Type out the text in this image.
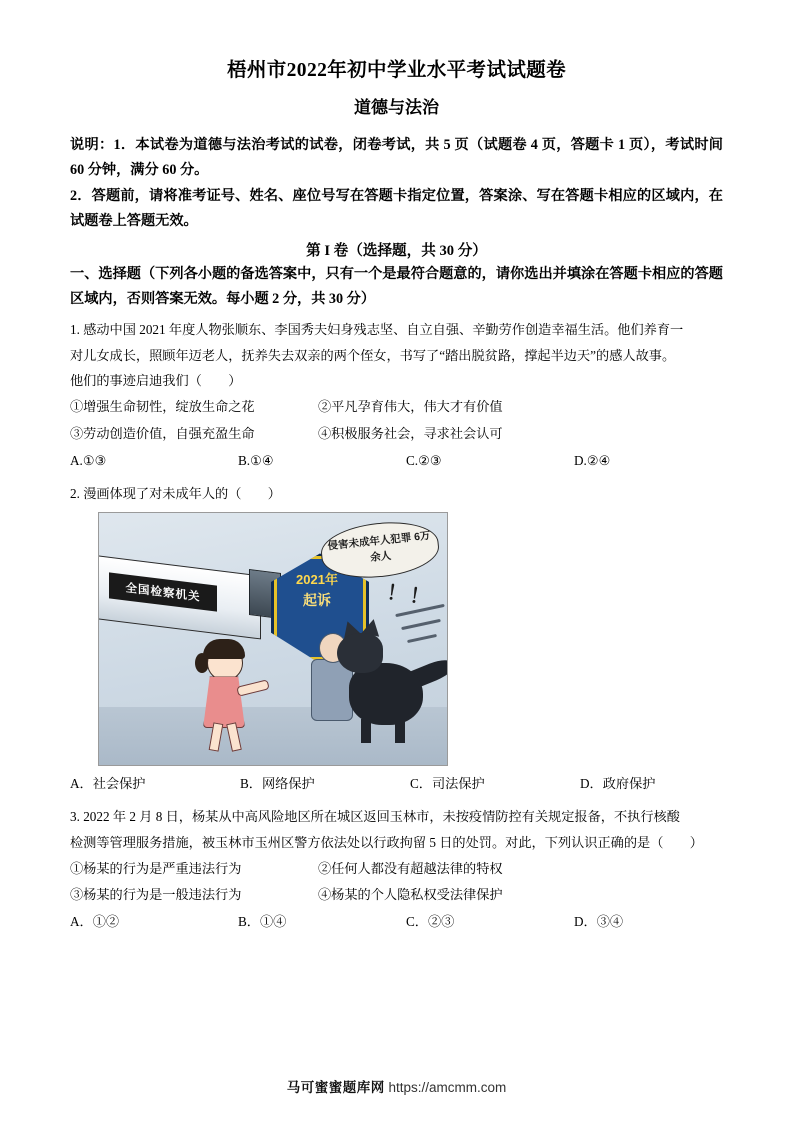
梧州市2022年初中学业水平考试试题卷
道德与法治

说明：1．本试卷为道德与法治考试的试卷，闭卷考试，共 5 页（试题卷 4 页，答题卡 1 页），考试时间 60 分钟，满分 60 分。

2．答题前，请将准考证号、姓名、座位号写在答题卡指定位置，答案涂、写在答题卡相应的区域内，在试题卷上答题无效。

第 I 卷（选择题，共 30 分）

一、选择题（下列各小题的备选答案中，只有一个是最符合题意的，请你选出并填涂在答题卡相应的答题区域内，否则答案无效。每小题 2 分，共 30 分）

1. 感动中国 2021 年度人物张顺东、李国秀夫妇身残志坚、自立自强、辛勤劳作创造幸福生活。他们养育一

对儿女成长，照顾年迈老人，抚养失去双亲的两个侄女，书写了“踏出脱贫路，撑起半边天”的感人故事。

他们的事迹启迪我们（　　）

①增强生命韧性，绽放生命之花	②平凡孕育伟大，伟大才有价值
③劳动创造价值，自强充盈生命	④积极服务社会，寻求社会认可
A.①③	B.①④	C.②③	D.②④

2. 漫画体现了对未成年人的（　　）

全国检察机关
2021年
起诉
侵害未成年人犯罪 6万余人
！！
A．社会保护	B．网络保护	C．司法保护	D．政府保护

3. 2022 年 2 月 8 日，杨某从中高风险地区所在城区返回玉林市，未按疫情防控有关规定报备，不执行核酸

检测等管理服务措施，被玉林市玉州区警方依法处以行政拘留 5 日的处罚。对此，下列认识正确的是（　　）

①杨某的行为是严重违法行为	②任何人都没有超越法律的特权
③杨某的行为是一般违法行为	④杨某的个人隐私权受法律保护
A．①②	B．①④	C．②③	D．③④
马可蜜蜜题库网 https://amcmm.com
